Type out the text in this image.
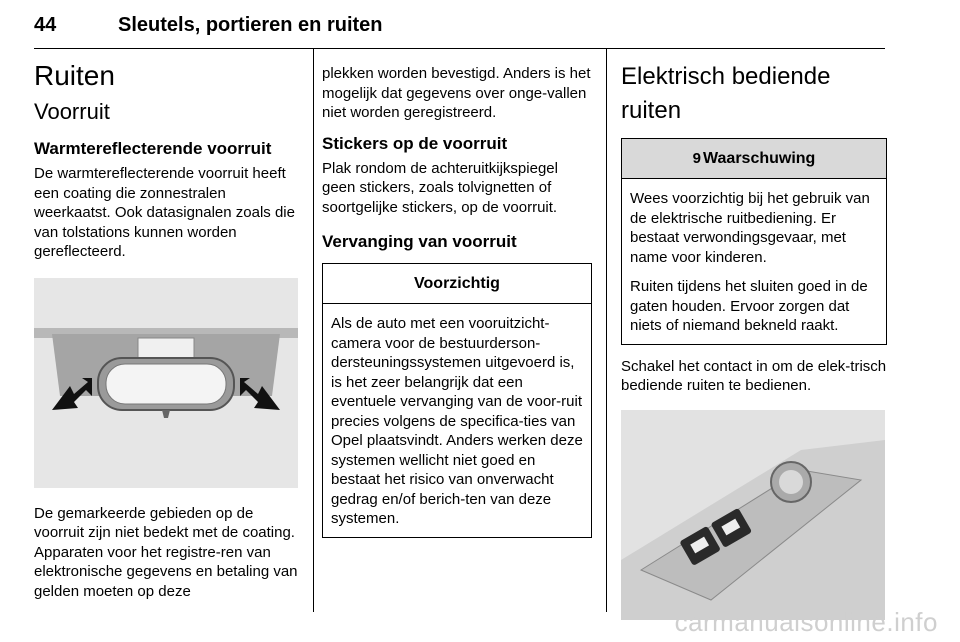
44	Sleutels, portieren en ruiten
Ruiten
Voorruit
Warmtereflecterende voorruit

De warmtereflecterende voorruit heeft een coating die zonnestralen weerkaatst. Ook datasignalen zoals die van tolstations kunnen worden gereflecteerd.

De gemarkeerde gebieden op de voorruit zijn niet bedekt met de coating. Apparaten voor het registre-ren van elektronische gegevens en betaling van gelden moeten op deze

plekken worden bevestigd. Anders is het mogelijk dat gegevens over onge-vallen niet worden geregistreerd.

Stickers op de voorruit

Plak rondom de achteruitkijkspiegel geen stickers, zoals tolvignetten of soortgelijke stickers, op de voorruit.

Vervanging van voorruit
Voorzichtig

Als de auto met een vooruitzicht-camera voor de bestuurderson-dersteuningssystemen uitgevoerd is, is het zeer belangrijk dat een eventuele vervanging van de voor-ruit precies volgens de specifica-ties van Opel plaatsvindt. Anders werken deze systemen wellicht niet goed en bestaat het risico van onverwacht gedrag en/of berich-ten van deze systemen.

Elektrisch bediende ruiten
9 Waarschuwing

Wees voorzichtig bij het gebruik van de elektrische ruitbediening. Er bestaat verwondingsgevaar, met name voor kinderen.

Ruiten tijdens het sluiten goed in de gaten houden. Ervoor zorgen dat niets of niemand bekneld raakt.

Schakel het contact in om de elek-trisch bediende ruiten te bedienen.

carmanualsonline.info
